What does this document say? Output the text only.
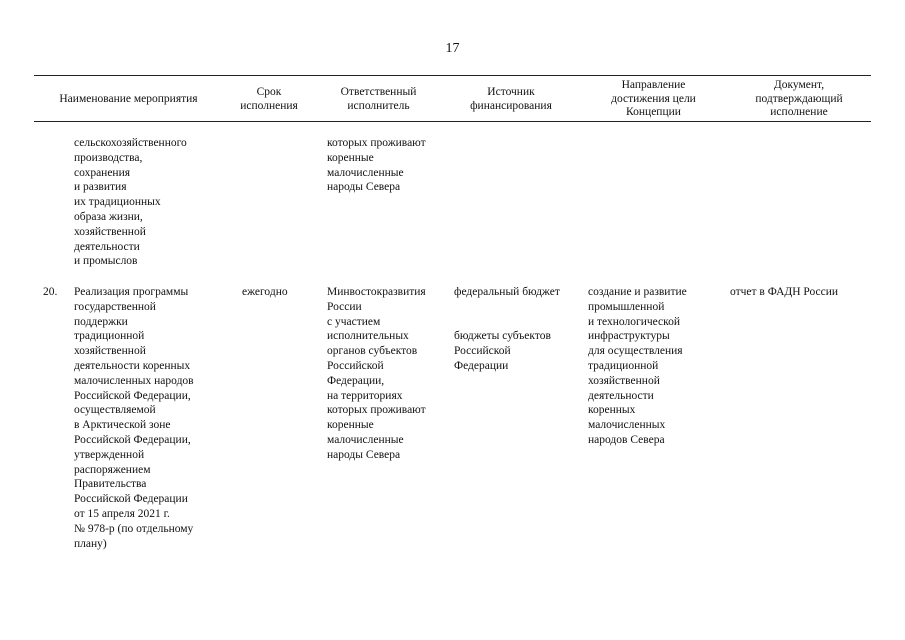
17
Наименование мероприятия
Срок
исполнения
Ответственный
исполнитель
Источник
финансирования
Направление
достижения цели
Концепции
Документ,
подтверждающий
исполнение
сельскохозяйственного
производства,
сохранения
и развития
их традиционных
образа жизни,
хозяйственной
деятельности
и промыслов
которых проживают
коренные
малочисленные
народы Севера
20. Реализация программы
государственной
поддержки
традиционной
хозяйственной
деятельности коренных
малочисленных народов
Российской Федерации,
осуществляемой
в Арктической зоне
Российской Федерации,
утвержденной
распоряжением
Правительства
Российской Федерации
от 15 апреля 2021 г.
№ 978-р (по отдельному
плану)
ежегодно	Минвостокразвития
России
с участием
исполнительных
органов субъектов
Российской
Федерации,
на территориях
которых проживают
коренные
малочисленные
народы Севера
федеральный бюджет
бюджеты субъектов
Российской
Федерации
создание и развитие
промышленной
и технологической
инфраструктуры
для осуществления
традиционной
хозяйственной
деятельности
коренных
малочисленных
народов Севера
отчет в ФАДН России
